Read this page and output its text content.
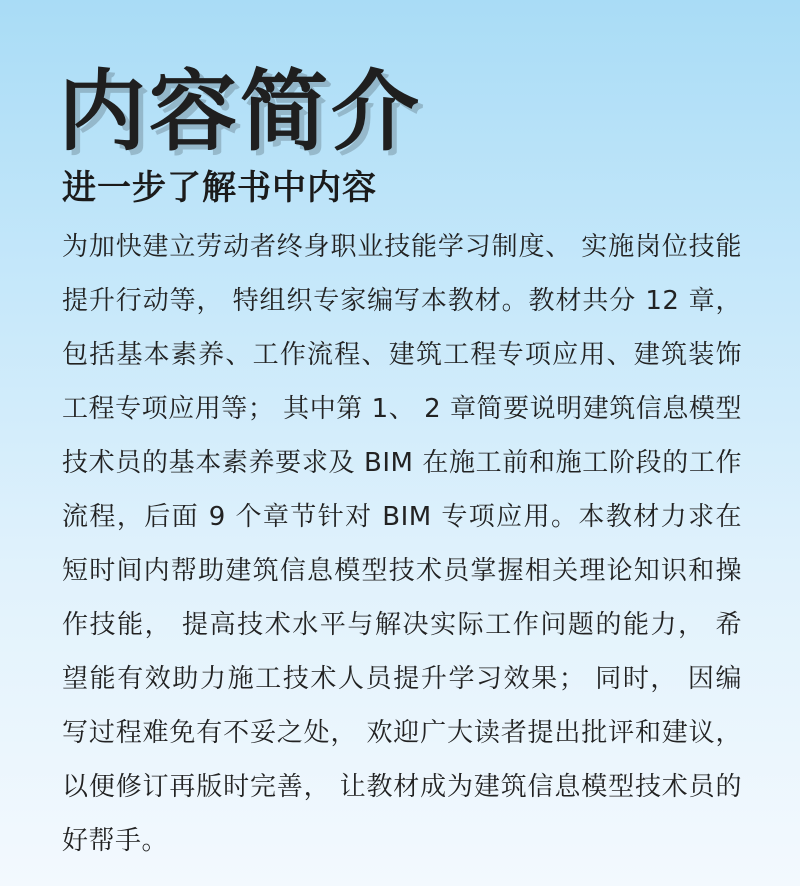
内容简介
进一步了解书中内容

为加快建立劳动者终身职业技能学习制度、 实施岗位技能提升行动等， 特组织专家编写本教材。教材共分 12 章，包括基本素养、工作流程、建筑工程专项应用、建筑装饰工程专项应用等； 其中第 1、 2 章简要说明建筑信息模型技术员的基本素养要求及 BIM 在施工前和施工阶段的工作流程，后面 9 个章节针对 BIM 专项应用。本教材力求在短时间内帮助建筑信息模型技术员掌握相关理论知识和操作技能， 提高技术水平与解决实际工作问题的能力， 希望能有效助力施工技术人员提升学习效果； 同时， 因编写过程难免有不妥之处， 欢迎广大读者提出批评和建议， 以便修订再版时完善， 让教材成为建筑信息模型技术员的好帮手。
